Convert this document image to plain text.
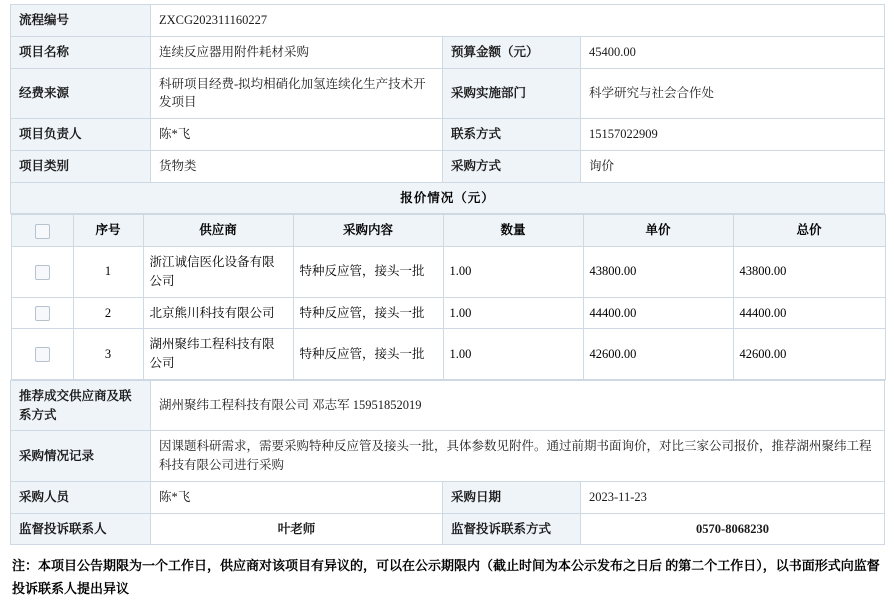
流程编号	ZXCG202311160227
项目名称	连续反应器用附件耗材采购	预算金额（元）	45400.00
经费来源	科研项目经费-拟均相硝化加氢连续化生产技术开发项目	采购实施部门	科学研究与社会合作处
项目负责人	陈*飞	联系方式	15157022909
项目类别	货物类	采购方式	询价
报价情况（元）

	序号	供应商	采购内容	数量	单价	总价
	1	浙江诚信医化设备有限公司	特种反应管，接头一批	1.00	43800.00	43800.00
	2	北京熊川科技有限公司	特种反应管，接头一批	1.00	44400.00	44400.00
	3	湖州聚纬工程科技有限公司	特种反应管，接头一批	1.00	42600.00	42600.00

推荐成交供应商及联系方式	湖州聚纬工程科技有限公司 邓志军 15951852019
采购情况记录	因课题科研需求，需要采购特种反应管及接头一批，具体参数见附件。通过前期书面询价，对比三家公司报价，推荐湖州聚纬工程科技有限公司进行采购
采购人员	陈*飞	采购日期	2023-11-23
监督投诉联系人	叶老师	监督投诉联系方式	0570-8068230
注：本项目公告期限为一个工作日，供应商对该项目有异议的，可以在公示期限内（截止时间为本公示发布之日后 的第二个工作日），以书面形式向监督投诉联系人提出异议
